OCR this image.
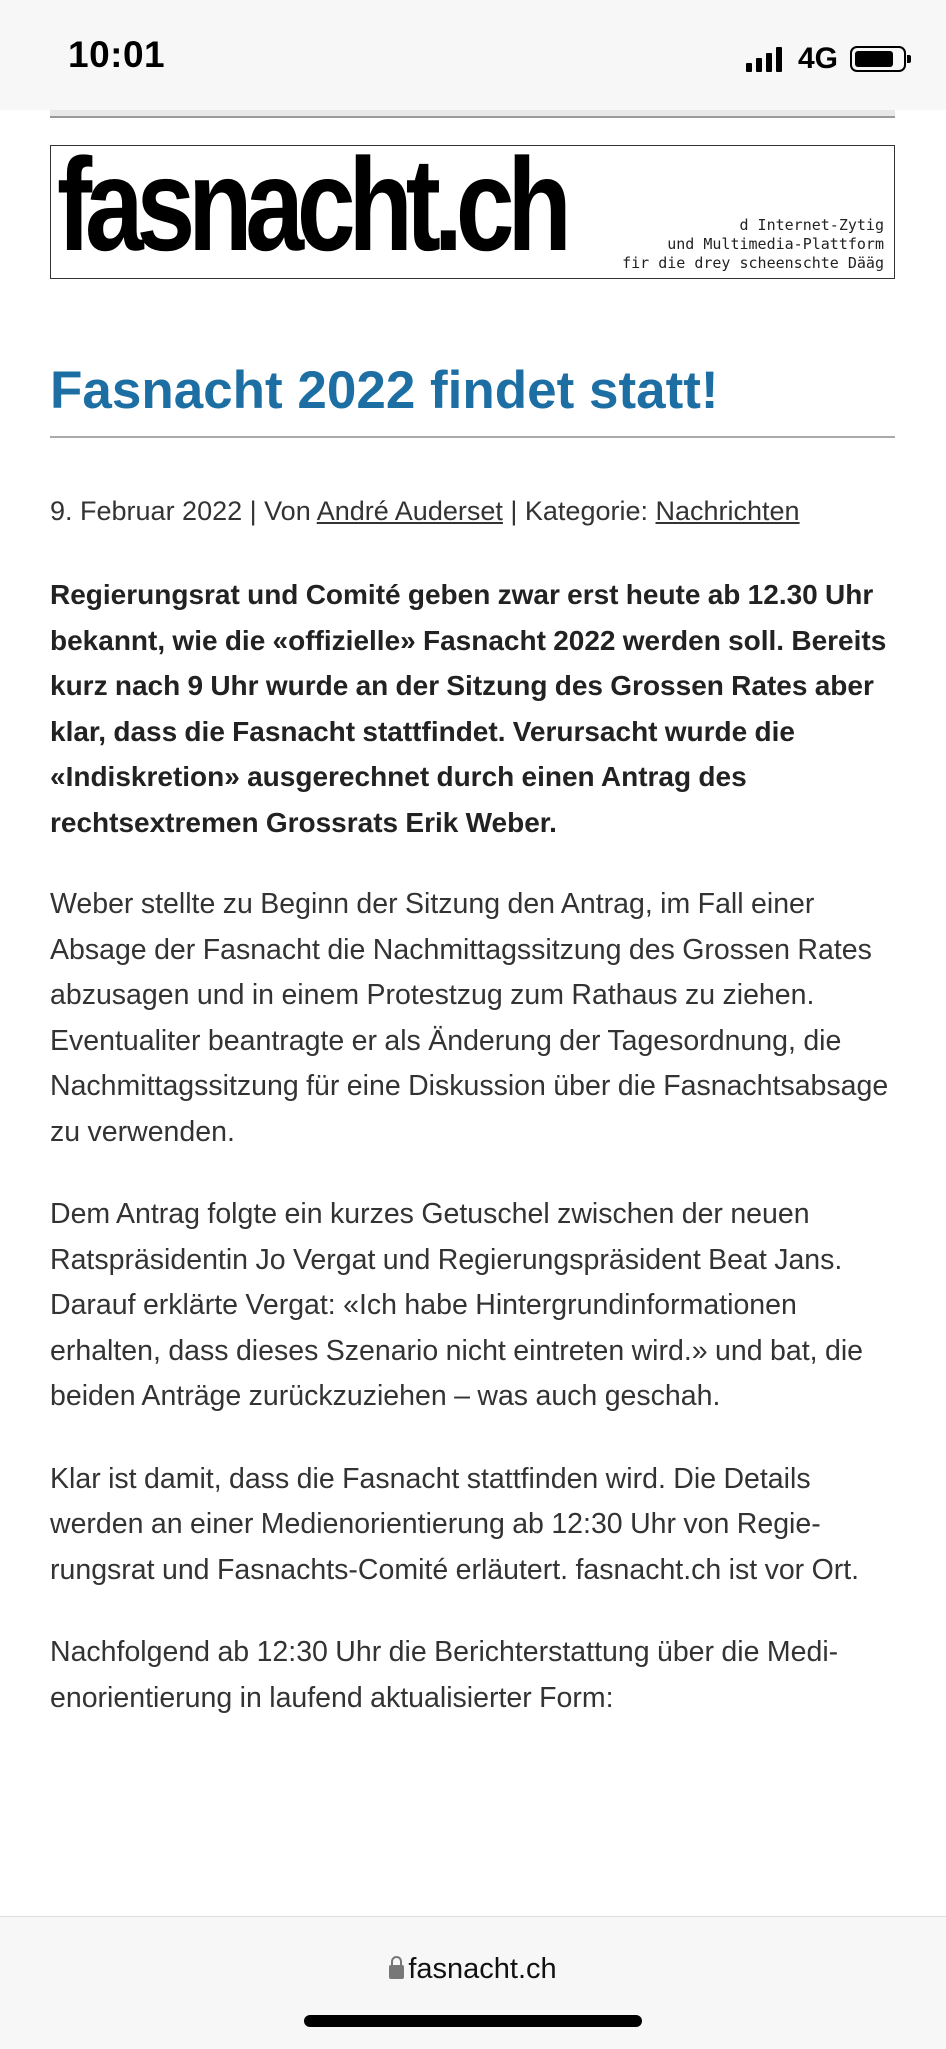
10:01	4G
fasnacht.ch	d Internet-Zytig
und Multimedia-Plattform
fir die drey scheenschte Dääg
Fasnacht 2022 findet statt!
9. Februar 2022 | Von André Auderset | Kategorie: Nachrichten

Regierungsrat und Comité geben zwar erst heute ab 12.30 Uhr bekannt, wie die «offizielle» Fasnacht 2022 werden soll. Bereits kurz nach 9 Uhr wurde an der Sitzung des Grossen Rates aber klar, dass die Fasnacht stattfindet. Verursacht wurde die «Indiskretion» ausgerechnet durch einen Antrag des rechtsextremen Grossrats Erik Weber.

Weber stellte zu Beginn der Sitzung den Antrag, im Fall einer Absage der Fasnacht die Nachmittagssitzung des Grossen Rates abzusagen und in einem Protestzug zum Rathaus zu ziehen. Eventualiter beantragte er als Änderung der Tagesordnung, die Nachmittagssitzung für eine Diskussion über die Fasnachtsabsage zu verwenden.

Dem Antrag folgte ein kurzes Getuschel zwischen der neuen Ratspräsidentin Jo Vergat und Regierungspräsident Beat Jans. Darauf erklärte Vergat: «Ich habe Hintergrundinformationen erhalten, dass dieses Szenario nicht eintreten wird.» und bat, die beiden Anträge zurückzuziehen – was auch geschah.

Klar ist damit, dass die Fasnacht stattfinden wird. Die Details werden an einer Medienorientierung ab 12:30 Uhr von Regierungsrat und Fasnachts-Comité erläutert. fasnacht.ch ist vor Ort.

Nachfolgend ab 12:30 Uhr die Berichterstattung über die Medienorientierung in laufend aktualisierter Form:

fasnacht.ch
